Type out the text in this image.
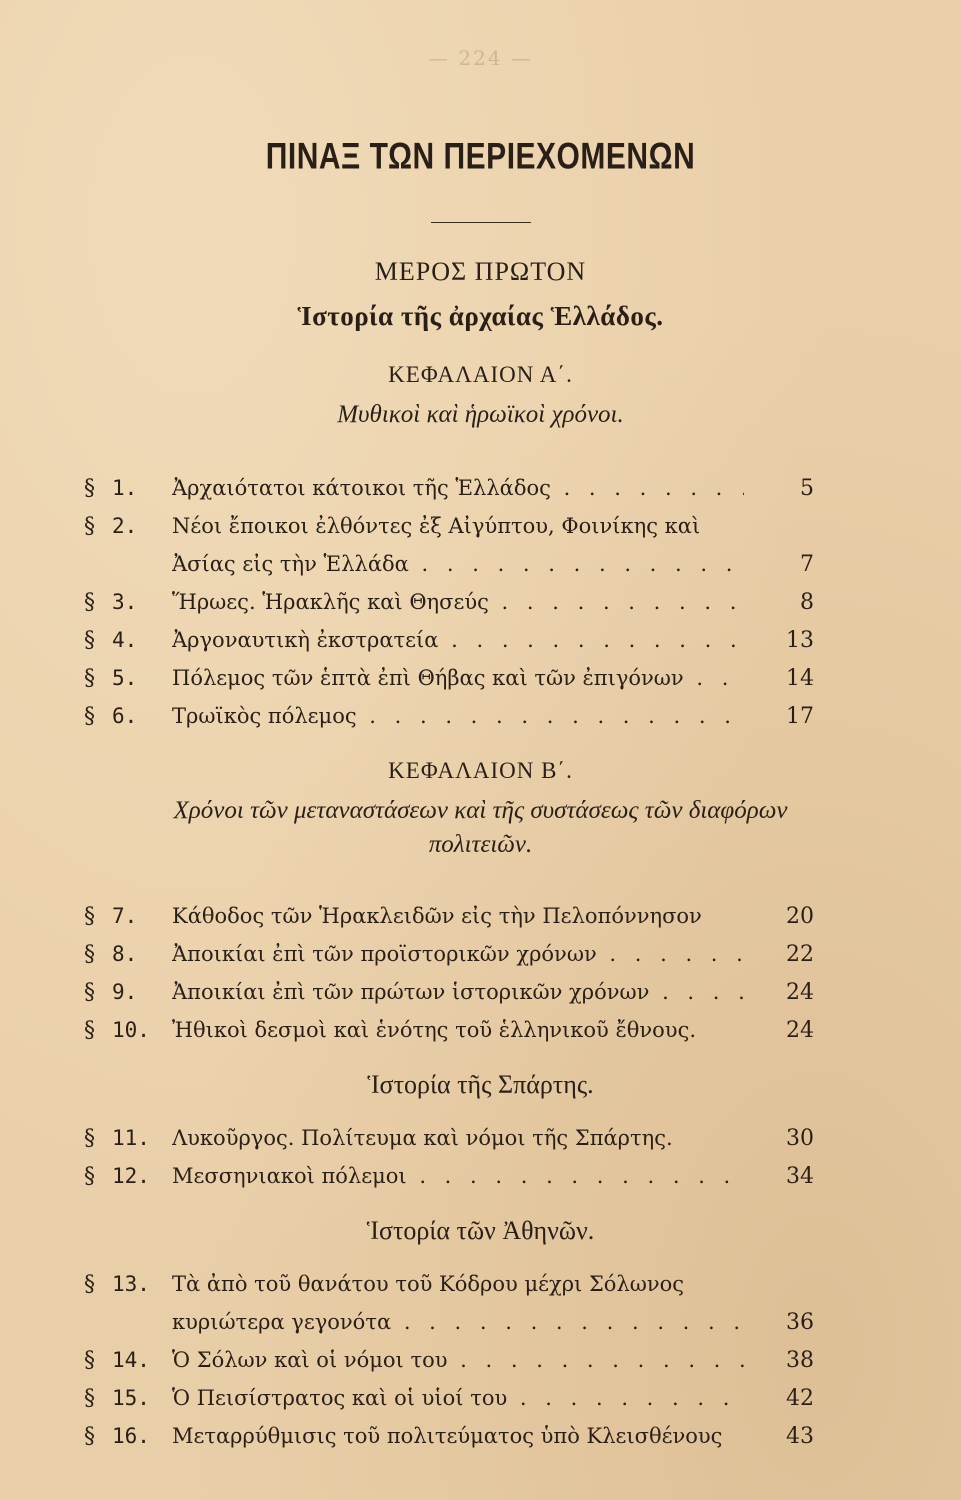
— 224 —
ΠΙΝΑΞ ΤΩΝ ΠΕΡΙΕΧΟΜΕΝΩΝ
ΜΕΡΟΣ ΠΡΩΤΟΝ
Ἱστορία τῆς ἀρχαίας Ἑλλάδος.
ΚΕΦΑΛΑΙΟΝ Α΄.
Μυθικοὶ καὶ ἡρωϊκοὶ χρόνοι.
§ 1.	Ἀρχαιότατοι κάτοικοι τῆς Ἑλλάδος . . .	5
§ 2.	Νέοι ἔποικοι ἐλθόντες ἐξ Αἰγύπτου, Φοινίκης καὶ
Ἀσίας εἰς τὴν Ἑλλάδα . . .	7
§ 3.	Ἥρωες. Ἡρακλῆς καὶ Θησεύς . . .	8
§ 4.	Ἀργοναυτικὴ ἐκστρατεία . . .	13
§ 5.	Πόλεμος τῶν ἑπτὰ ἐπὶ Θήβας καὶ τῶν ἐπιγόνων . . .	14
§ 6.	Τρωϊκὸς πόλεμος . . .	17
ΚΕΦΑΛΑΙΟΝ Β΄.
Χρόνοι τῶν μεταναστάσεων καὶ τῆς συστάσεως τῶν διαφόρων
πολιτειῶν.
§ 7.	Κάθοδος τῶν Ἡρακλειδῶν εἰς τὴν Πελοπόννησον	20
§ 8.	Ἀποικίαι ἐπὶ τῶν προϊστορικῶν χρόνων . . .	22
§ 9.	Ἀποικίαι ἐπὶ τῶν πρώτων ἱστορικῶν χρόνων . . .	24
§ 10.	Ἠθικοὶ δεσμοὶ καὶ ἑνότης τοῦ ἑλληνικοῦ ἔθνους.	24
Ἱστορία τῆς Σπάρτης.
§ 11.	Λυκοῦργος. Πολίτευμα καὶ νόμοι τῆς Σπάρτης.	30
§ 12.	Μεσσηνιακοὶ πόλεμοι . . .	34
Ἱστορία τῶν Ἀθηνῶν.
§ 13.	Τὰ ἀπὸ τοῦ θανάτου τοῦ Κόδρου μέχρι Σόλωνος
κυριώτερα γεγονότα . . .	36
§ 14.	Ὁ Σόλων καὶ οἱ νόμοι του . . .	38
§ 15.	Ὁ Πεισίστρατος καὶ οἱ υἱοί του . . .	42
§ 16.	Μεταρρύθμισις τοῦ πολιτεύματος ὑπὸ Κλεισθένους	43
